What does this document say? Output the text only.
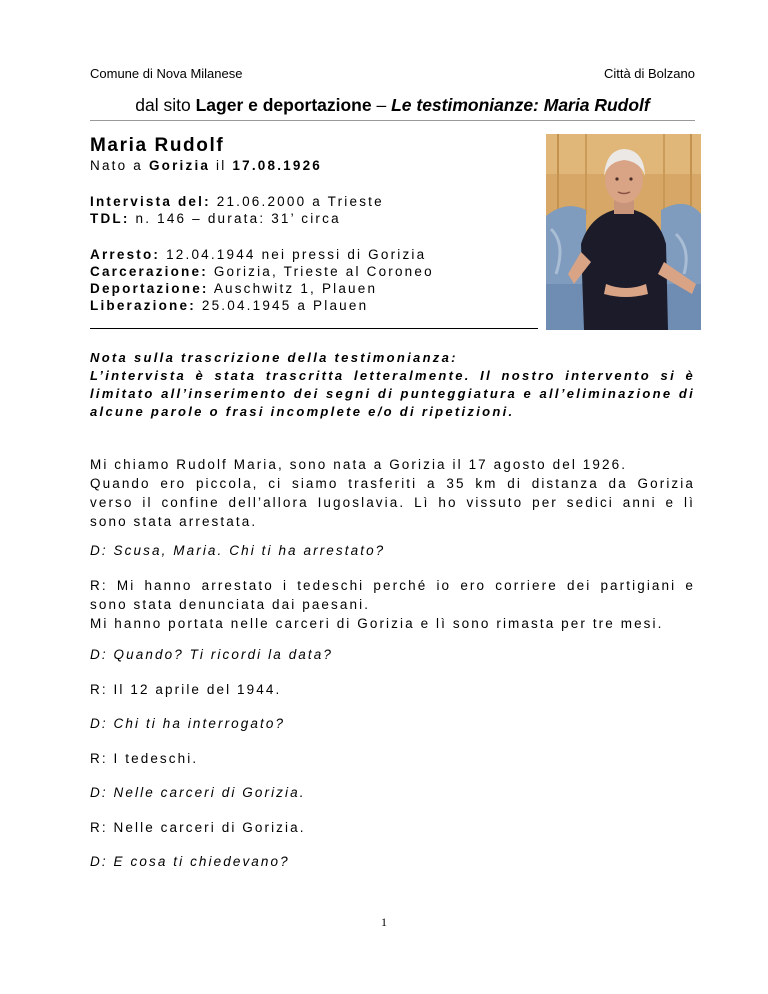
Comune di Nova Milanese	Città di Bolzano
dal sito Lager e deportazione – Le testimonianze: Maria Rudolf
Maria Rudolf
Nato a Gorizia il 17.08.1926
Intervista del: 21.06.2000 a Trieste
TDL: n. 146 – durata: 31’ circa
Arresto: 12.04.1944 nei pressi di Gorizia
Carcerazione: Gorizia, Trieste al Coroneo
Deportazione: Auschwitz 1, Plauen
Liberazione: 25.04.1945 a Plauen
Nota sulla trascrizione della testimonianza:
L’intervista è stata trascritta letteralmente. Il nostro intervento si è limitato all’inserimento dei segni di punteggiatura e all’eliminazione di alcune parole o frasi incomplete e/o di ripetizioni.
Mi chiamo Rudolf Maria, sono nata a Gorizia il 17 agosto del 1926.
Quando ero piccola, ci siamo trasferiti a 35 km di distanza da Gorizia verso il confine dell’allora Iugoslavia. Lì ho vissuto per sedici anni e lì sono stata arrestata.
D: Scusa, Maria. Chi ti ha arrestato?
R: Mi hanno arrestato i tedeschi perché io ero corriere dei partigiani e sono stata denunciata dai paesani.
Mi hanno portata nelle carceri di Gorizia e lì sono rimasta per tre mesi.
D: Quando? Ti ricordi la data?
R: Il 12 aprile del 1944.
D: Chi ti ha interrogato?
R: I tedeschi.
D: Nelle carceri di Gorizia.
R: Nelle carceri di Gorizia.
D: E cosa ti chiedevano?
1
